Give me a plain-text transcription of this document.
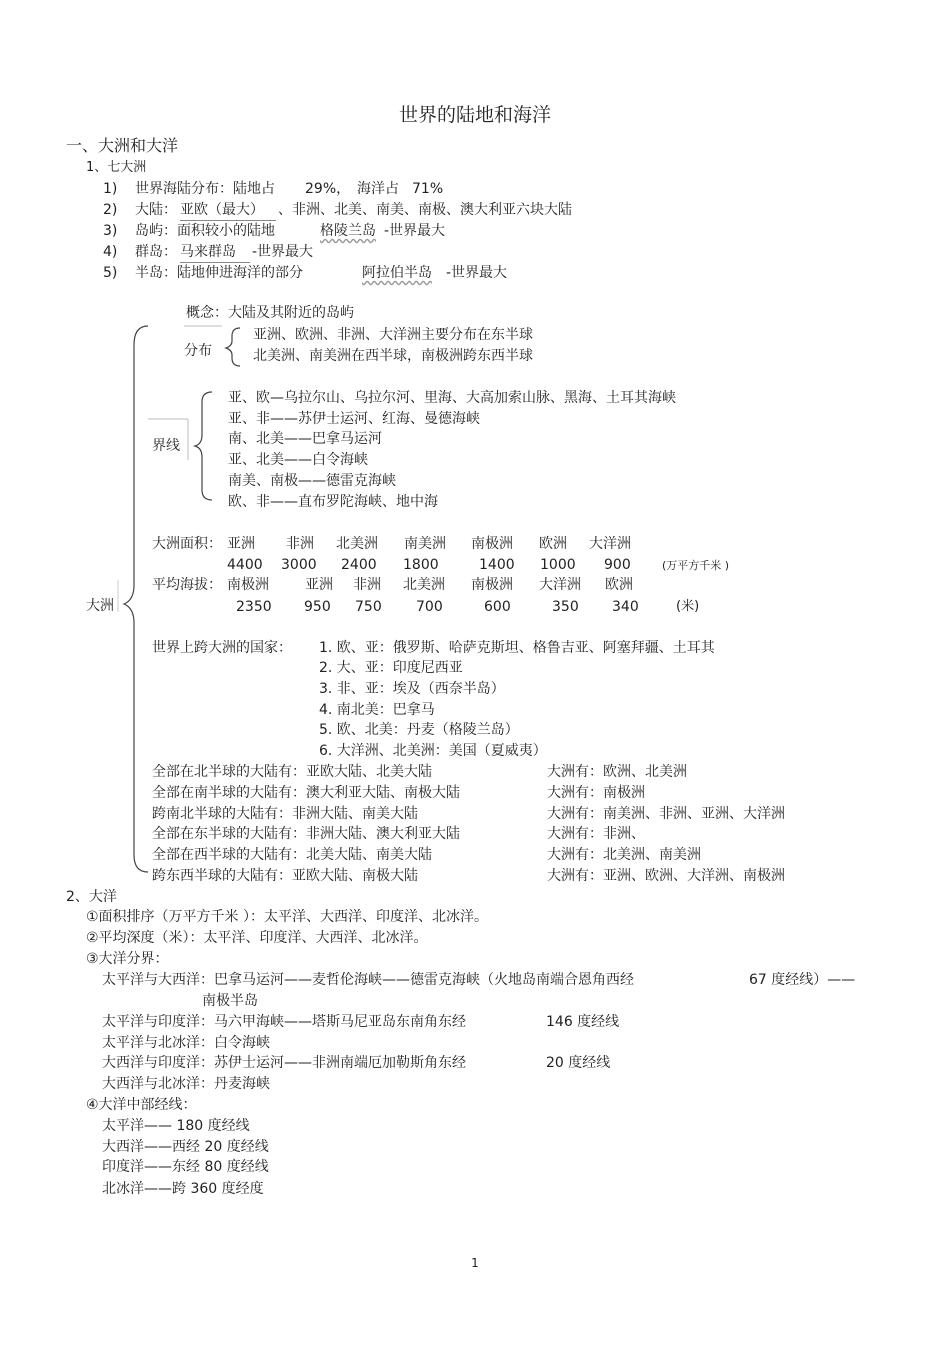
世界的陆地和海洋
一、大洲和大洋
1、七大洲
1) 世界海陆分布：陆地占 29%， 海洋占 71%
2) 大陆： 亚欧（最大）	、非洲、北美、南美、南极、澳大利亚六块大陆
3) 岛屿：面积较小的陆地	格陵兰岛 -世界最大
4) 群岛： 马来群岛	-世界最大
5) 半岛：陆地伸进海洋的部分	阿拉伯半岛 -世界最大
大洲
概念：大陆及其附近的岛屿
分布
亚洲、欧洲、非洲、大洋洲主要分布在东半球
北美洲、南美洲在西半球，南极洲跨东西半球
界线
亚、欧—乌拉尔山、乌拉尔河、里海、大高加索山脉、黑海、土耳其海峡
亚、非——苏伊士运河、红海、曼德海峡
南、北美——巴拿马运河
亚、北美——白令海峡
南美、南极——德雷克海峡
欧、非——直布罗陀海峡、地中海
大洲面积： 亚洲 非洲 北美洲 南美洲 南极洲 欧洲 大洋洲
4400 3000 2400 1800	1400 1000 900	(万平方千米 )
平均海拔： 南极洲	亚洲 非洲 北美洲 南极洲 大洋洲 欧洲
2350 950 750 700	600	350 340	(米)
世界上跨大洲的国家： 1. 欧、亚：俄罗斯、哈萨克斯坦、格鲁吉亚、阿塞拜疆、土耳其
2. 大、亚：印度尼西亚
3. 非、亚：埃及（西奈半岛）
4. 南北美：巴拿马
5. 欧、北美：丹麦（格陵兰岛）
6. 大洋洲、北美洲：美国（夏威夷）
全部在北半球的大陆有：亚欧大陆、北美大陆	大洲有：欧洲、北美洲
全部在南半球的大陆有：澳大利亚大陆、南极大陆	大洲有：南极洲
跨南北半球的大陆有：非洲大陆、南美大陆	大洲有：南美洲、非洲、亚洲、大洋洲
全部在东半球的大陆有：非洲大陆、澳大利亚大陆	大洲有：非洲、
全部在西半球的大陆有：北美大陆、南美大陆	大洲有：北美洲、南美洲
跨东西半球的大陆有：亚欧大陆、南极大陆	大洲有：亚洲、欧洲、大洋洲、南极洲
2、大洋
①面积排序（万平方千米 ）：太平洋、大西洋、印度洋、北冰洋。
②平均深度（米）：太平洋、印度洋、大西洋、北冰洋。
③大洋分界：
太平洋与大西洋：巴拿马运河——麦哲伦海峡——德雷克海峡（火地岛南端合恩角西经	67 度经线）——
南极半岛
太平洋与印度洋：马六甲海峡——塔斯马尼亚岛东南角东经	146 度经线
太平洋与北冰洋：白令海峡
大西洋与印度洋：苏伊士运河——非洲南端厄加勒斯角东经	20 度经线
大西洋与北冰洋：丹麦海峡
④大洋中部经线：
太平洋—— 180 度经线
大西洋——西经 20 度经线
印度洋——东经 80 度经线
北冰洋——跨 360 度经度
1
